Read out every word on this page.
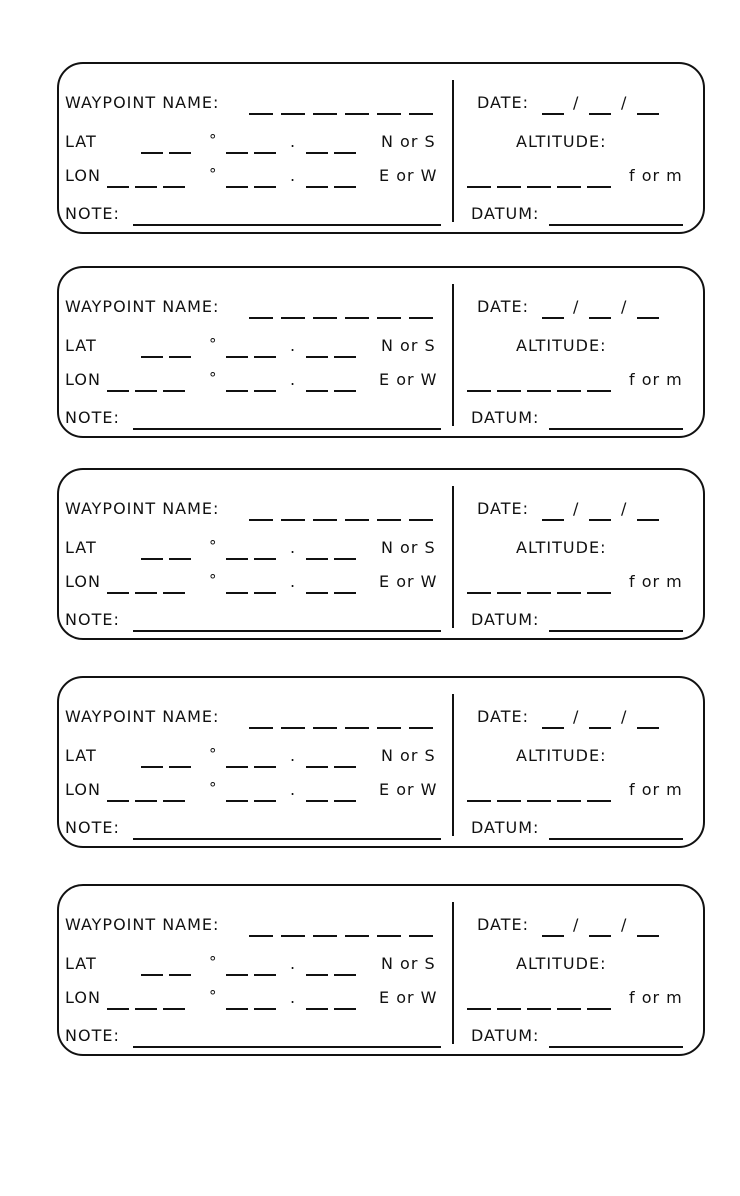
WAYPOINT NAME:	DATE:	/	/
LAT	°	.	N or S	ALTITUDE:
LON	°	.	E or W	f or m
NOTE:	DATUM:
WAYPOINT NAME:	DATE:	/	/
LAT	°	.	N or S	ALTITUDE:
LON	°	.	E or W	f or m
NOTE:	DATUM:
WAYPOINT NAME:	DATE:	/	/
LAT	°	.	N or S	ALTITUDE:
LON	°	.	E or W	f or m
NOTE:	DATUM:
WAYPOINT NAME:	DATE:	/	/
LAT	°	.	N or S	ALTITUDE:
LON	°	.	E or W	f or m
NOTE:	DATUM:
WAYPOINT NAME:	DATE:	/	/
LAT	°	.	N or S	ALTITUDE:
LON	°	.	E or W	f or m
NOTE:	DATUM:
